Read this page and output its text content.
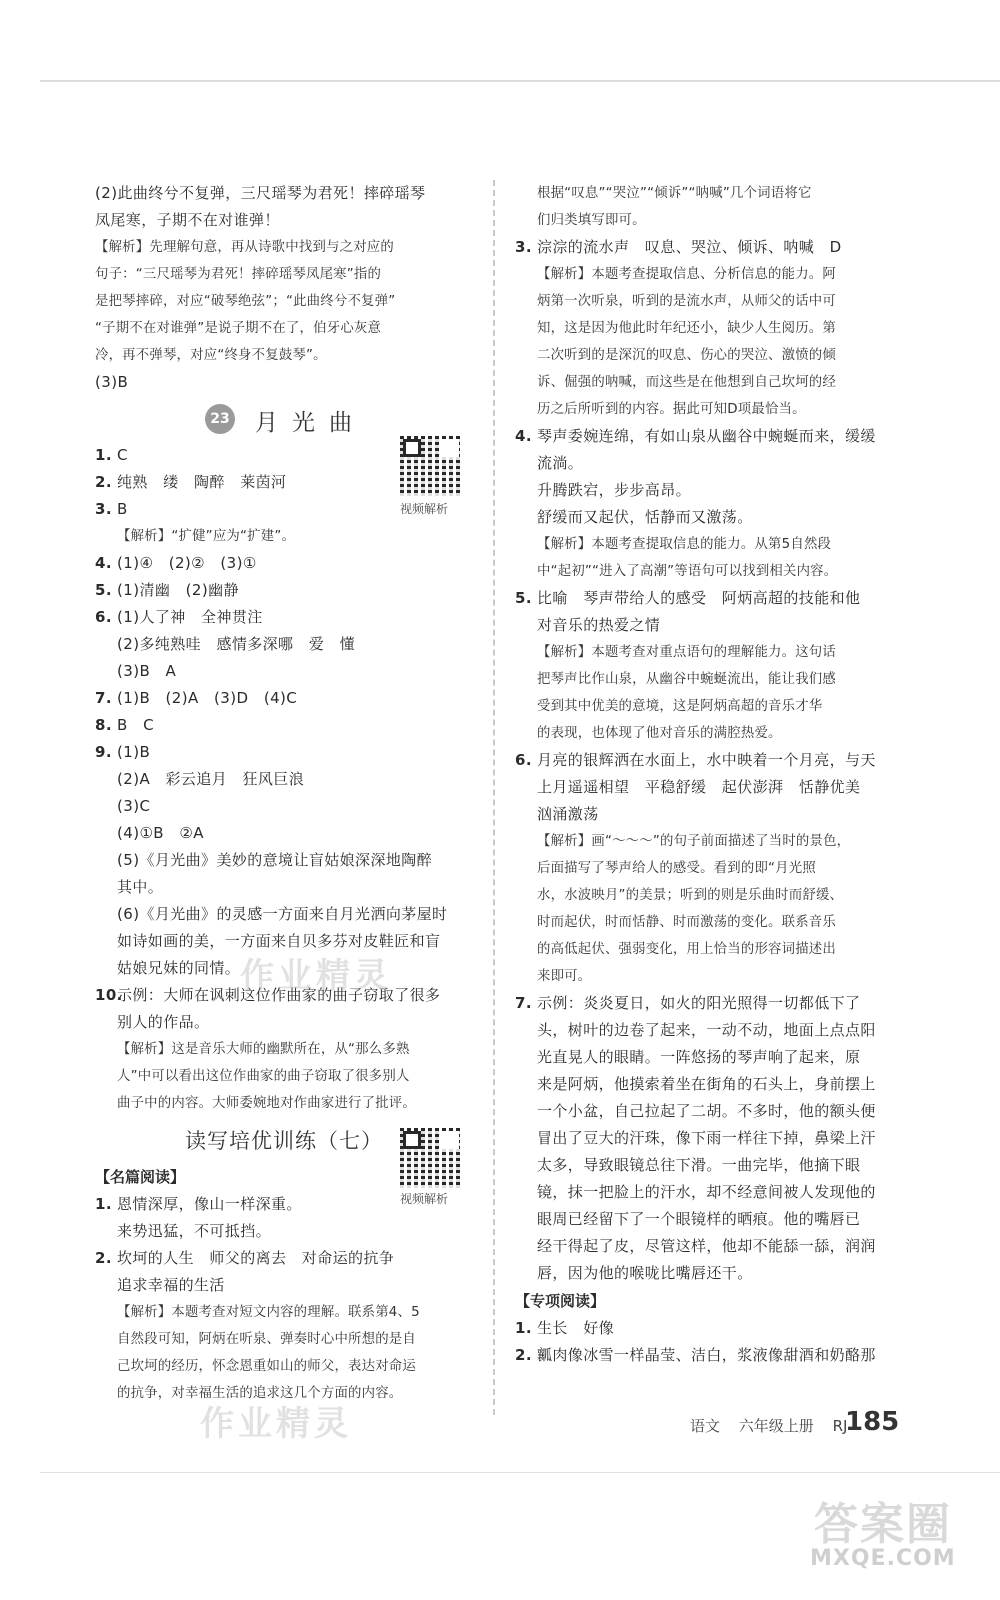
(2)此曲终兮不复弹，三尺瑶琴为君死！摔碎瑶琴
凤尾寒，子期不在对谁弹！
【解析】先理解句意，再从诗歌中找到与之对应的
句子：“三尺瑶琴为君死！摔碎瑶琴凤尾寒”指的
是把琴摔碎，对应“破琴绝弦”；“此曲终兮不复弹”
“子期不在对谁弹”是说子期不在了，伯牙心灰意
冷，再不弹琴，对应“终身不复鼓琴”。
(3)B
23 月光曲
1. C
2. 纯熟　缕　陶醉　莱茵河
3. B
【解析】“扩健”应为“扩建”。
4. (1)④　(2)②　(3)①
5. (1)清幽　(2)幽静
6. (1)人了神　全神贯注
(2)多纯熟哇　感情多深哪　爱　懂
(3)B　A
7. (1)B　(2)A　(3)D　(4)C
8. B　C
9. (1)B
(2)A　彩云追月　狂风巨浪
(3)C
(4)①B　②A
(5)《月光曲》美妙的意境让盲姑娘深深地陶醉
其中。
(6)《月光曲》的灵感一方面来自月光洒向茅屋时
如诗如画的美，一方面来自贝多芬对皮鞋匠和盲
姑娘兄妹的同情。
10.示例：大师在讽刺这位作曲家的曲子窃取了很多
别人的作品。
【解析】这是音乐大师的幽默所在，从“那么多熟
人”中可以看出这位作曲家的曲子窃取了很多别人
曲子中的内容。大师委婉地对作曲家进行了批评。
读写培优训练（七）
【名篇阅读】
1. 恩情深厚，像山一样深重。
来势迅猛，不可抵挡。
2. 坎坷的人生　师父的离去　对命运的抗争
追求幸福的生活
【解析】本题考查对短文内容的理解。联系第4、5
自然段可知，阿炳在听泉、弹奏时心中所想的是自
己坎坷的经历，怀念恩重如山的师父，表达对命运
的抗争，对幸福生活的追求这几个方面的内容。
视频解析
视频解析
根据“叹息”“哭泣”“倾诉”“呐喊”几个词语将它
们归类填写即可。
3. 淙淙的流水声　叹息、哭泣、倾诉、呐喊　D
【解析】本题考查提取信息、分析信息的能力。阿
炳第一次听泉，听到的是流水声，从师父的话中可
知，这是因为他此时年纪还小，缺少人生阅历。第
二次听到的是深沉的叹息、伤心的哭泣、激愤的倾
诉、倔强的呐喊，而这些是在他想到自己坎坷的经
历之后所听到的内容。据此可知D项最恰当。
4. 琴声委婉连绵，有如山泉从幽谷中蜿蜒而来，缓缓
流淌。
升腾跌宕，步步高昂。
舒缓而又起伏，恬静而又激荡。
【解析】本题考查提取信息的能力。从第5自然段
中“起初”“进入了高潮”等语句可以找到相关内容。
5. 比喻　琴声带给人的感受　阿炳高超的技能和他
对音乐的热爱之情
【解析】本题考查对重点语句的理解能力。这句话
把琴声比作山泉，从幽谷中蜿蜒流出，能让我们感
受到其中优美的意境，这是阿炳高超的音乐才华
的表现，也体现了他对音乐的满腔热爱。
6. 月亮的银辉洒在水面上，水中映着一个月亮，与天
上月遥遥相望　平稳舒缓　起伏澎湃　恬静优美
汹涌激荡
【解析】画“～～～”的句子前面描述了当时的景色，
后面描写了琴声给人的感受。看到的即“月光照
水，水波映月”的美景；听到的则是乐曲时而舒缓、
时而起伏，时而恬静、时而激荡的变化。联系音乐
的高低起伏、强弱变化，用上恰当的形容词描述出
来即可。
7. 示例：炎炎夏日，如火的阳光照得一切都低下了
头，树叶的边卷了起来，一动不动，地面上点点阳
光直晃人的眼睛。一阵悠扬的琴声响了起来，原
来是阿炳，他摸索着坐在街角的石头上，身前摆上
一个小盆，自己拉起了二胡。不多时，他的额头便
冒出了豆大的汗珠，像下雨一样往下掉，鼻梁上汗
太多，导致眼镜总往下滑。一曲完毕，他摘下眼
镜，抹一把脸上的汗水，却不经意间被人发现他的
眼周已经留下了一个眼镜样的晒痕。他的嘴唇已
经干得起了皮，尽管这样，他却不能舔一舔，润润
唇，因为他的喉咙比嘴唇还干。
【专项阅读】
1. 生长　好像
2. 瓤肉像冰雪一样晶莹、洁白，浆液像甜酒和奶酪那
作业精灵
作业精灵	语文 六年级上册 RJ
185
答案圈
MXQE.COM
